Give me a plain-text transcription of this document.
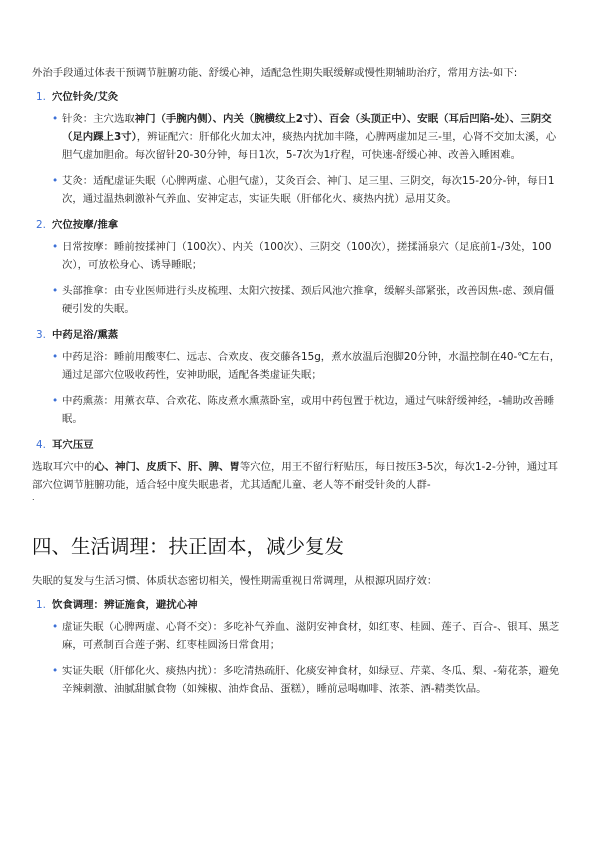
外治手段通过体表干预调节脏腑功能、舒缓心神，适配急性期失眠缓解或慢性期辅助治疗，常用方法-如下:

1. 穴位针灸/艾灸
• 针灸：主穴选取神门（手腕内侧）、内关（腕横纹上2寸）、百会（头顶正中）、安眠（耳后凹陷-处）、三阴交（足内踝上3寸），辨证配穴：肝郁化火加太冲，痰热内扰加丰隆，心脾两虚加足三-里，心肾不交加太溪，心胆气虚加胆俞。每次留针20-30分钟，每日1次，5-7次为1疗程，可快速-舒缓心神、改善入睡困难。
• 艾灸：适配虚证失眠（心脾两虚、心胆气虚），艾灸百会、神门、足三里、三阴交，每次15-20分-钟，每日1次，通过温热刺激补气养血、安神定志，实证失眠（肝郁化火、痰热内扰）忌用艾灸。
2. 穴位按摩/推拿
• 日常按摩：睡前按揉神门（100次）、内关（100次）、三阴交（100次），搓揉涌泉穴（足底前1-/3处，100次），可放松身心、诱导睡眠；
• 头部推拿：由专业医师进行头皮梳理、太阳穴按揉、颈后风池穴推拿，缓解头部紧张，改善因焦-虑、颈肩僵硬引发的失眠。
3. 中药足浴/熏蒸
• 中药足浴：睡前用酸枣仁、远志、合欢皮、夜交藤各15g，煮水放温后泡脚20分钟，水温控制在40-℃左右，通过足部穴位吸收药性，安神助眠，适配各类虚证失眠；
• 中药熏蒸：用薰衣草、合欢花、陈皮煮水熏蒸卧室，或用中药包置于枕边，通过气味舒缓神经，-辅助改善睡眠。
4. 耳穴压豆

选取耳穴中的心、神门、皮质下、肝、脾、胃等穴位，用王不留行籽贴压，每日按压3-5次，每次1-2-分钟，通过耳部穴位调节脏腑功能，适合轻中度失眠患者，尤其适配儿童、老人等不耐受针灸的人群-

.
四、生活调理：扶正固本，减少复发

失眠的复发与生活习惯、体质状态密切相关，慢性期需重视日常调理，从根源巩固疗效：

1. 饮食调理：辨证施食，避扰心神
• 虚证失眠（心脾两虚、心肾不交）：多吃补气养血、滋阴安神食材，如红枣、桂圆、莲子、百合-、银耳、黑芝麻，可煮制百合莲子粥、红枣桂圆汤日常食用；
• 实证失眠（肝郁化火、痰热内扰）：多吃清热疏肝、化痰安神食材，如绿豆、芹菜、冬瓜、梨、-菊花茶，避免辛辣刺激、油腻甜腻食物（如辣椒、油炸食品、蛋糕），睡前忌喝咖啡、浓茶、酒-精类饮品。
